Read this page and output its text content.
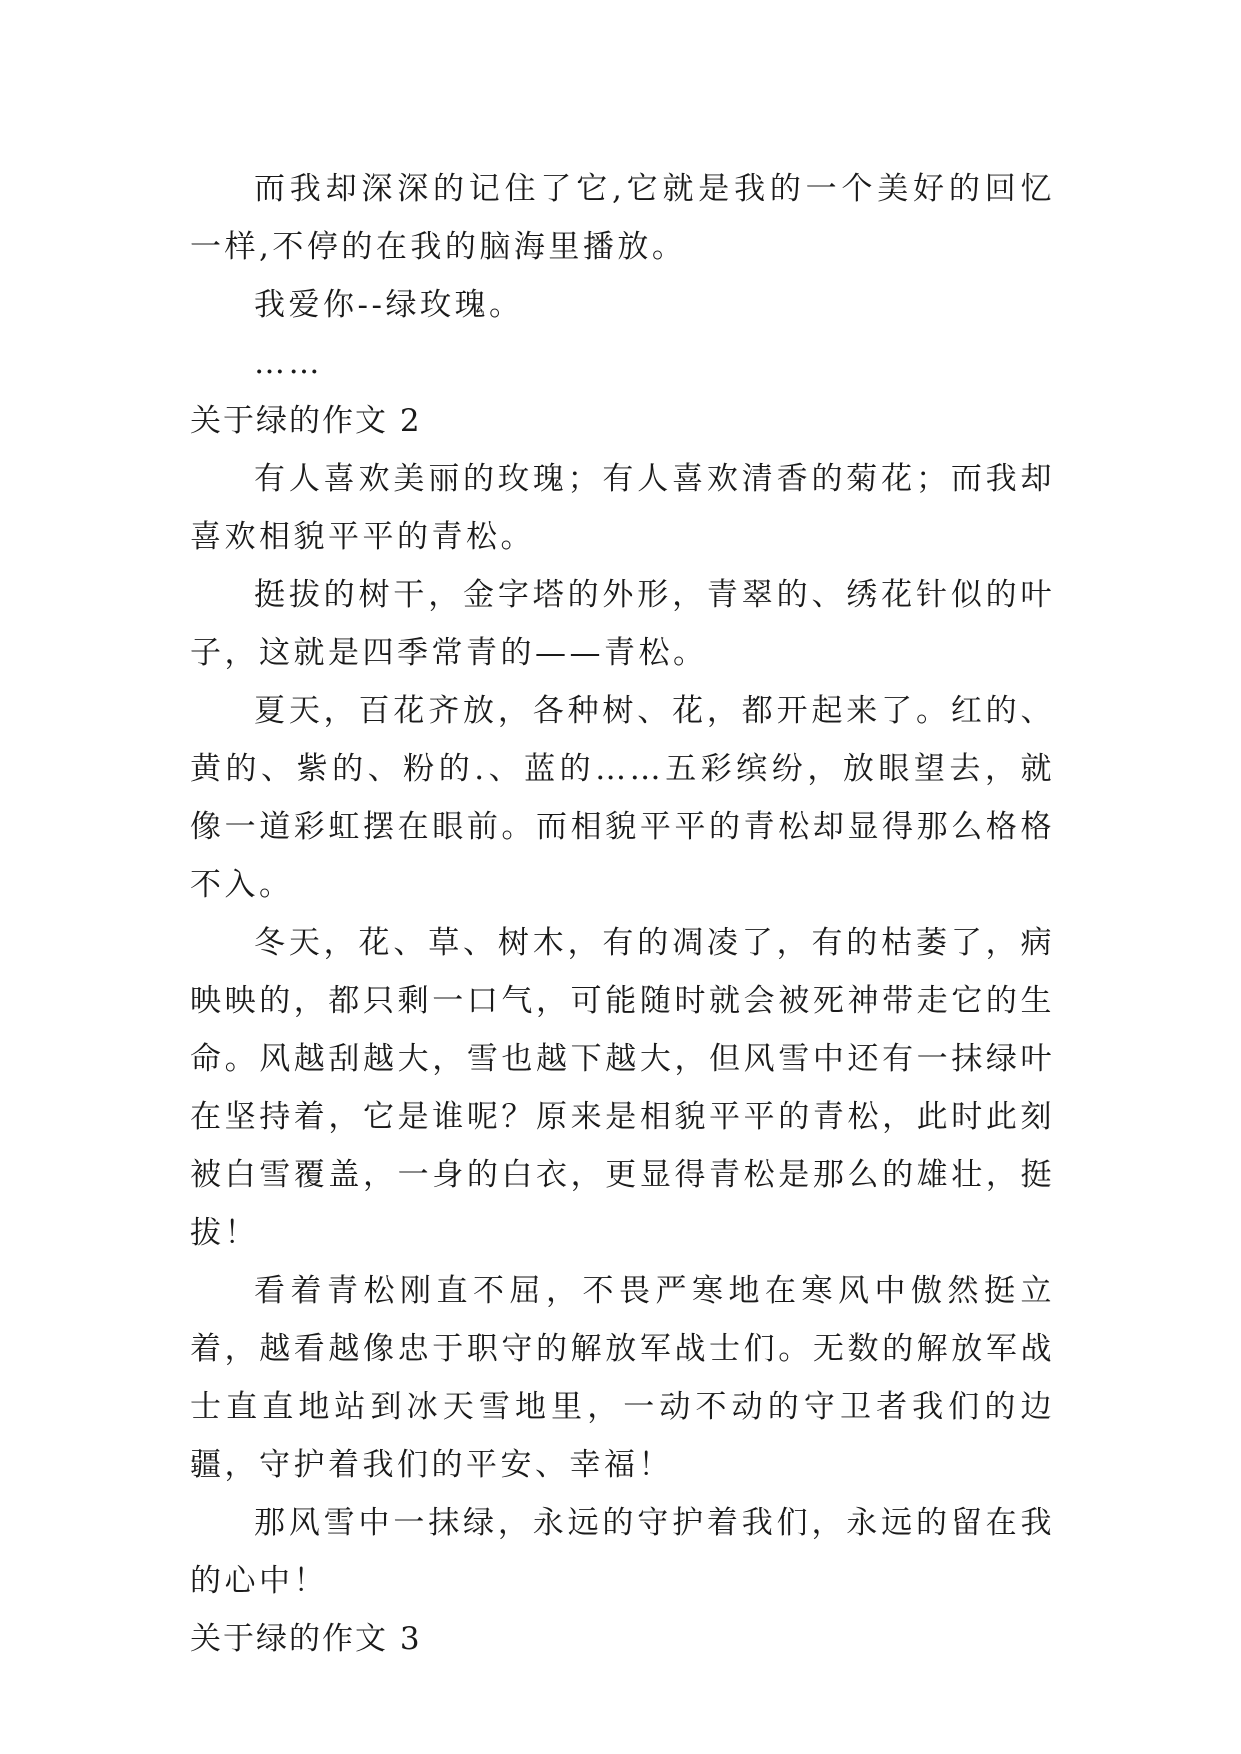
而我却深深的记住了它,它就是我的一个美好的回忆一样,不停的在我的脑海里播放。

我爱你--绿玫瑰。

……

关于绿的作文 2

有人喜欢美丽的玫瑰；有人喜欢清香的菊花；而我却喜欢相貌平平的青松。

挺拔的树干，金字塔的外形，青翠的、绣花针似的叶子，这就是四季常青的——青松。

夏天，百花齐放，各种树、花，都开起来了。红的、黄的、紫的、粉的.、蓝的……五彩缤纷，放眼望去，就像一道彩虹摆在眼前。而相貌平平的青松却显得那么格格不入。

冬天，花、草、树木，有的凋凌了，有的枯萎了，病映映的，都只剩一口气，可能随时就会被死神带走它的生命。风越刮越大，雪也越下越大，但风雪中还有一抹绿叶在坚持着，它是谁呢？原来是相貌平平的青松，此时此刻被白雪覆盖，一身的白衣，更显得青松是那么的雄壮，挺拔！

看着青松刚直不屈，不畏严寒地在寒风中傲然挺立着，越看越像忠于职守的解放军战士们。无数的解放军战士直直地站到冰天雪地里，一动不动的守卫者我们的边疆，守护着我们的平安、幸福！

那风雪中一抹绿，永远的守护着我们，永远的留在我的心中！

关于绿的作文 3
